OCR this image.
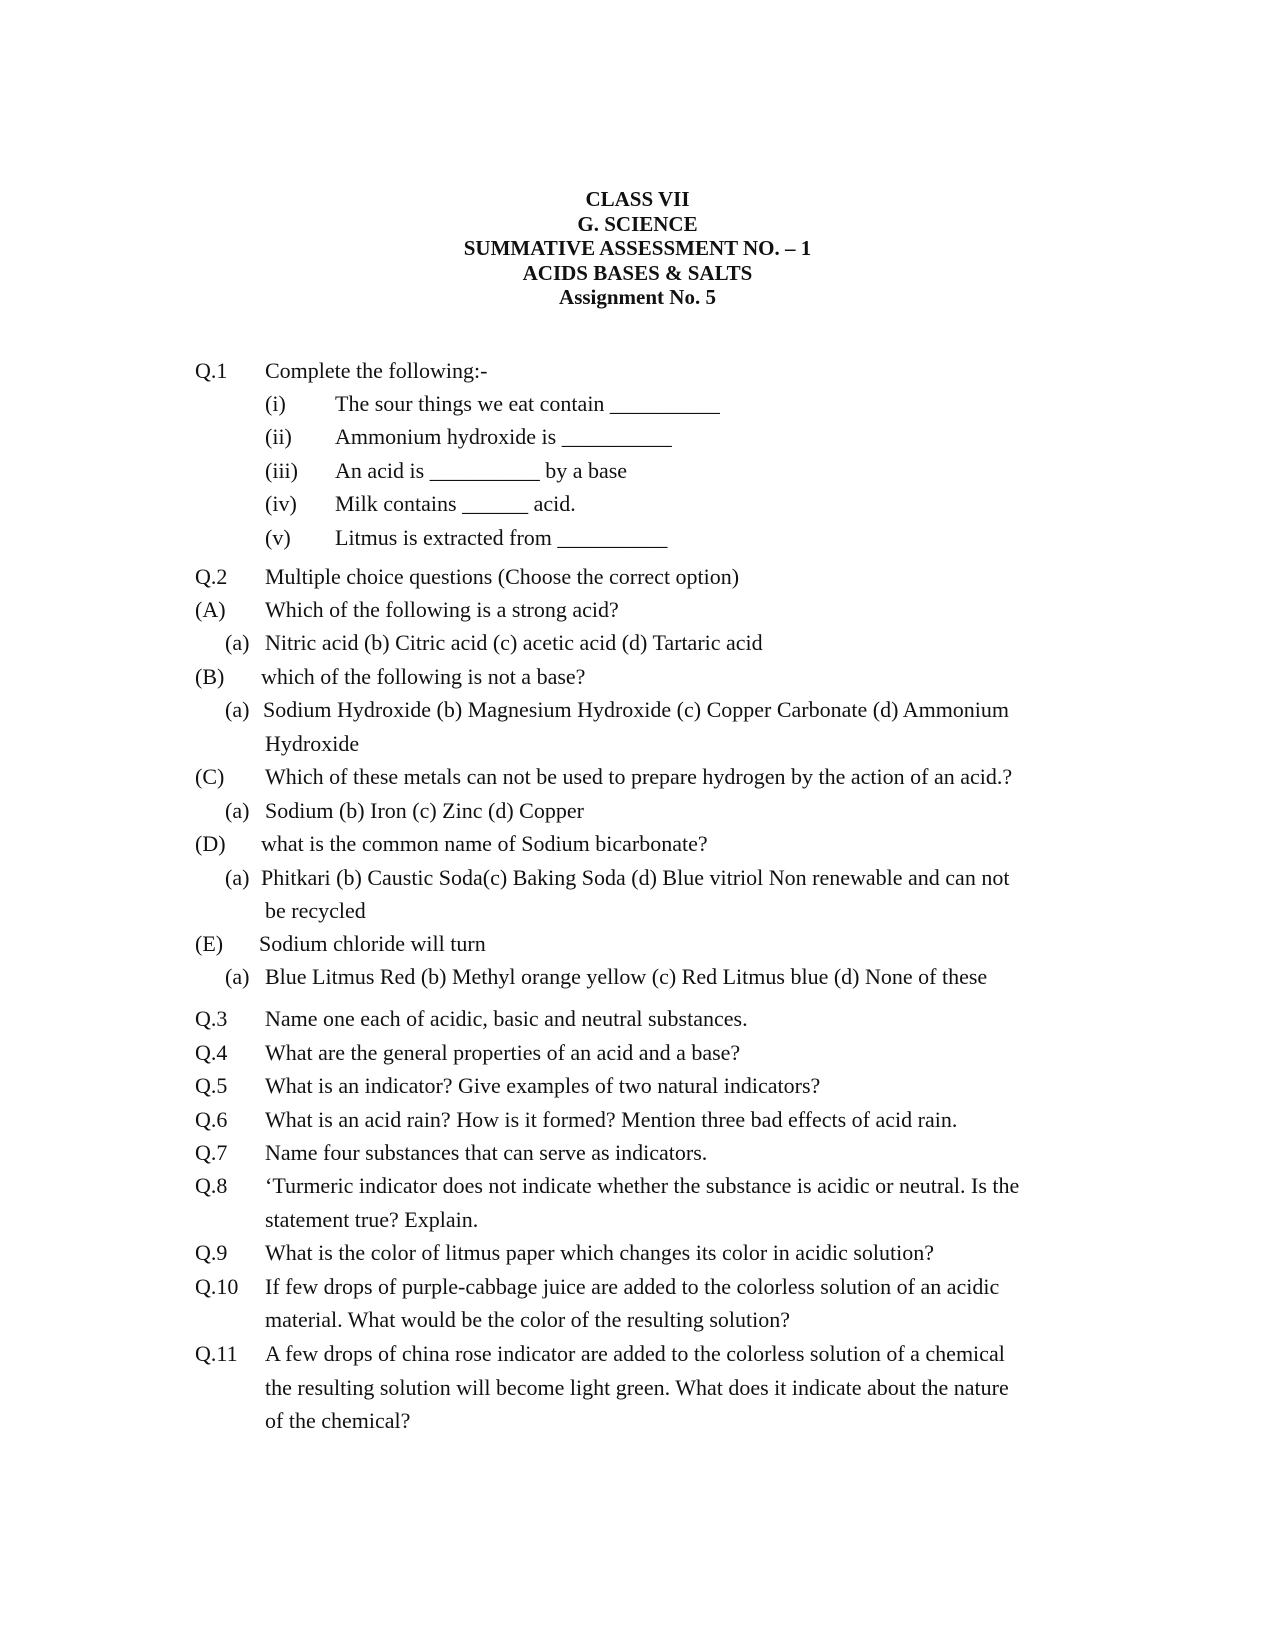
CLASS VII
G. SCIENCE
SUMMATIVE ASSESSMENT NO. – 1
ACIDS BASES & SALTS
Assignment No. 5
Q.1 Complete the following:-
(i) The sour things we eat contain __________
(ii) Ammonium hydroxide is __________
(iii) An acid is __________ by a base
(iv) Milk contains ______ acid.
(v) Litmus is extracted from __________
Q.2 Multiple choice questions (Choose the correct option)
(A) Which of the following is a strong acid?
(a) Nitric acid (b) Citric acid (c) acetic acid (d) Tartaric acid
(B) which of the following is not a base?
(a) Sodium Hydroxide (b) Magnesium Hydroxide (c) Copper Carbonate (d) Ammonium
Hydroxide
(C) Which of these metals can not be used to prepare hydrogen by the action of an acid.?
(a) Sodium (b) Iron (c) Zinc (d) Copper
(D) what is the common name of Sodium bicarbonate?
(a) Phitkari (b) Caustic Soda(c) Baking Soda (d) Blue vitriol Non renewable and can not
be recycled
(E) Sodium chloride will turn
(a) Blue Litmus Red (b) Methyl orange yellow (c) Red Litmus blue (d) None of these
Q.3 Name one each of acidic, basic and neutral substances.
Q.4 What are the general properties of an acid and a base?
Q.5 What is an indicator? Give examples of two natural indicators?
Q.6 What is an acid rain? How is it formed? Mention three bad effects of acid rain.
Q.7 Name four substances that can serve as indicators.
Q.8 ‘Turmeric indicator does not indicate whether the substance is acidic or neutral. Is the
statement true? Explain.
Q.9 What is the color of litmus paper which changes its color in acidic solution?
Q.10 If few drops of purple-cabbage juice are added to the colorless solution of an acidic
material. What would be the color of the resulting solution?
Q.11 A few drops of china rose indicator are added to the colorless solution of a chemical
the resulting solution will become light green. What does it indicate about the nature
of the chemical?
